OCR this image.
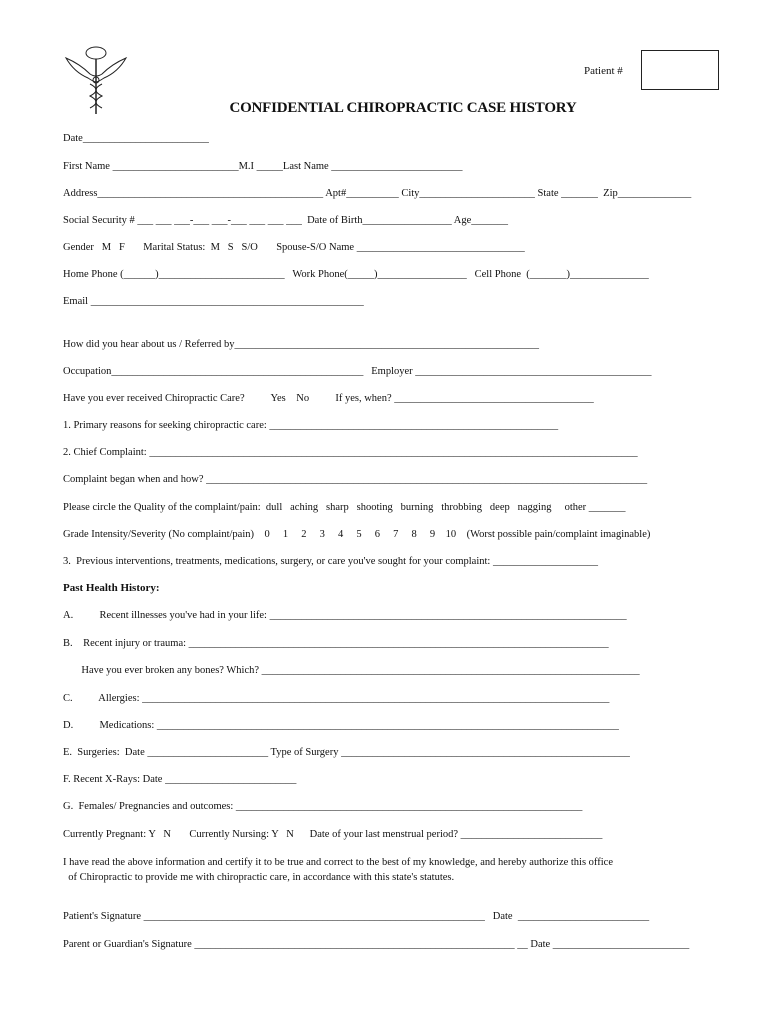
Patient #
CONFIDENTIAL CHIROPRACTIC CASE HISTORY
Date________________________
First Name ________________________M.I _____Last Name _________________________
Address___________________________________________ Apt#__________ City______________________ State _______  Zip______________
Social Security # ___ ___ ___-___ ___-___ ___ ___ ___  Date of Birth_________________ Age_______
Gender   M   F       Marital Status:  M   S   S/O       Spouse-S/O Name ________________________________
Home Phone (______)________________________   Work Phone(_____)_________________   Cell Phone  (_______)_______________
Email ____________________________________________________
How did you hear about us / Referred by__________________________________________________________
Occupation________________________________________________   Employer _____________________________________________
Have you ever received Chiropractic Care?          Yes    No          If yes, when? ______________________________________
1. Primary reasons for seeking chiropractic care: _______________________________________________________
2. Chief Complaint: _____________________________________________________________________________________________
Complaint began when and how? ____________________________________________________________________________________
Please circle the Quality of the complaint/pain:  dull   aching   sharp   shooting   burning   throbbing   deep   nagging     other _______
Grade Intensity/Severity (No complaint/pain)    0     1     2     3     4     5     6     7     8     9    10    (Worst possible pain/complaint imaginable)
3.  Previous interventions, treatments, medications, surgery, or care you've sought for your complaint: ____________________
Past Health History:
A.          Recent illnesses you've had in your life: ____________________________________________________________________
B.    Recent injury or trauma: ________________________________________________________________________________
Have you ever broken any bones? Which? ________________________________________________________________________
C.          Allergies: _________________________________________________________________________________________
D.          Medications: ________________________________________________________________________________________
E.  Surgeries:  Date _______________________ Type of Surgery _______________________________________________________
F. Recent X-Rays: Date _________________________
G.  Females/ Pregnancies and outcomes: __________________________________________________________________
Currently Pregnant: Y   N       Currently Nursing: Y   N      Date of your last menstrual period? ___________________________
I have read the above information and certify it to be true and correct to the best of my knowledge, and hereby authorize this office
of Chiropractic to provide me with chiropractic care, in accordance with this state's statutes.
Patient's Signature _________________________________________________________________   Date  _________________________
Parent or Guardian's Signature _____________________________________________________________ __ Date __________________________
